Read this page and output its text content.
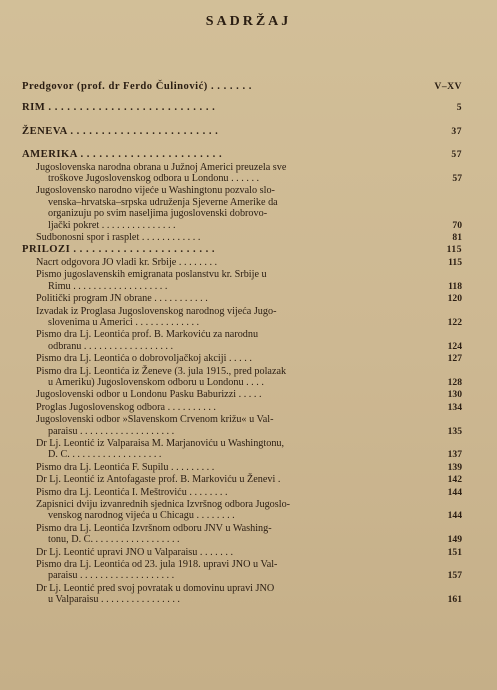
SADRŽAJ
Predgovor (prof. dr Ferdo Čulinović) . . . . . . .	V–XV
RIM . . . . . . . . . . . . . . . . . . . . . . . . . . .	5
ŽENEVA . . . . . . . . . . . . . . . . . . . . . . . .	37
AMERIKA . . . . . . . . . . . . . . . . . . . . . . .	57
Jugoslovenska narodna obrana u Južnoj Americi preuzela sve
troškove Jugoslovenskog odbora u Londonu . . . . . .	57
Jugoslovensko narodno vijeće u Washingtonu pozvalo slo-
venska–hrvatska–srpska udruženja Sjeverne Amerike da
organizuju po svim naseljima jugoslovenski dobrovo-
ljački pokret . . . . . . . . . . . . . . .	70
Sudbonosni spor i rasplet . . . . . . . . . . . .	81
PRILOZI . . . . . . . . . . . . . . . . . . . . . . .	115
Nacrt odgovora JO vladi kr. Srbije . . . . . . . .	115
Pismo jugoslavenskih emigranata poslanstvu kr. Srbije u
Rimu . . . . . . . . . . . . . . . . . . .	118
Politički program JN obrane . . . . . . . . . . .	120
Izvadak iz Proglasa Jugoslovenskog narodnog vijeća Jugo-
slovenima u Americi . . . . . . . . . . . . .	122
Pismo dra Lj. Leontića prof. B. Markoviću za narodnu
odbranu . . . . . . . . . . . . . . . . . .	124
Pismo dra Lj. Leontića o dobrovoljačkoj akciji . . . . .	127
Pismo dra Lj. Leontića iz Ženeve (3. jula 1915., pred polazak
u Ameriku) Jugoslovenskom odboru u Londonu . . . .	128
Jugoslovenski odbor u Londonu Pasku Baburizzi . . . . .	130
Proglas Jugoslovenskog odbora . . . . . . . . . .	134
Jugoslovenski odbor »Slavenskom Crvenom križu« u Val-
paraisu . . . . . . . . . . . . . . . . . . .	135
Dr Lj. Leontić iz Valparaisa M. Marjanoviću u Washingtonu,
D. C. . . . . . . . . . . . . . . . . . .	137
Pismo dra Lj. Leontića F. Supilu . . . . . . . . .	139
Dr Lj. Leontić iz Antofagaste prof. B. Markoviću u Ženevi .	142
Pismo dra Lj. Leontića I. Meštroviću . . . . . . . .	144
Zapisnici dviju izvanrednih sjednica Izvršnog odbora Jugoslo-
venskog narodnog vijeća u Chicagu . . . . . . . .	144
Pismo dra Lj. Leontića Izvršnom odboru JNV u Washing-
tonu, D. C. . . . . . . . . . . . . . . . . .	149
Dr Lj. Leontić upravi JNO u Valparaisu . . . . . . .	151
Pismo dra Lj. Leontića od 23. jula 1918. upravi JNO u Val-
paraisu . . . . . . . . . . . . . . . . . . .	157
Dr Lj. Leontić pred svoj povratak u domovinu upravi JNO
u Valparaisu . . . . . . . . . . . . . . . .	161
